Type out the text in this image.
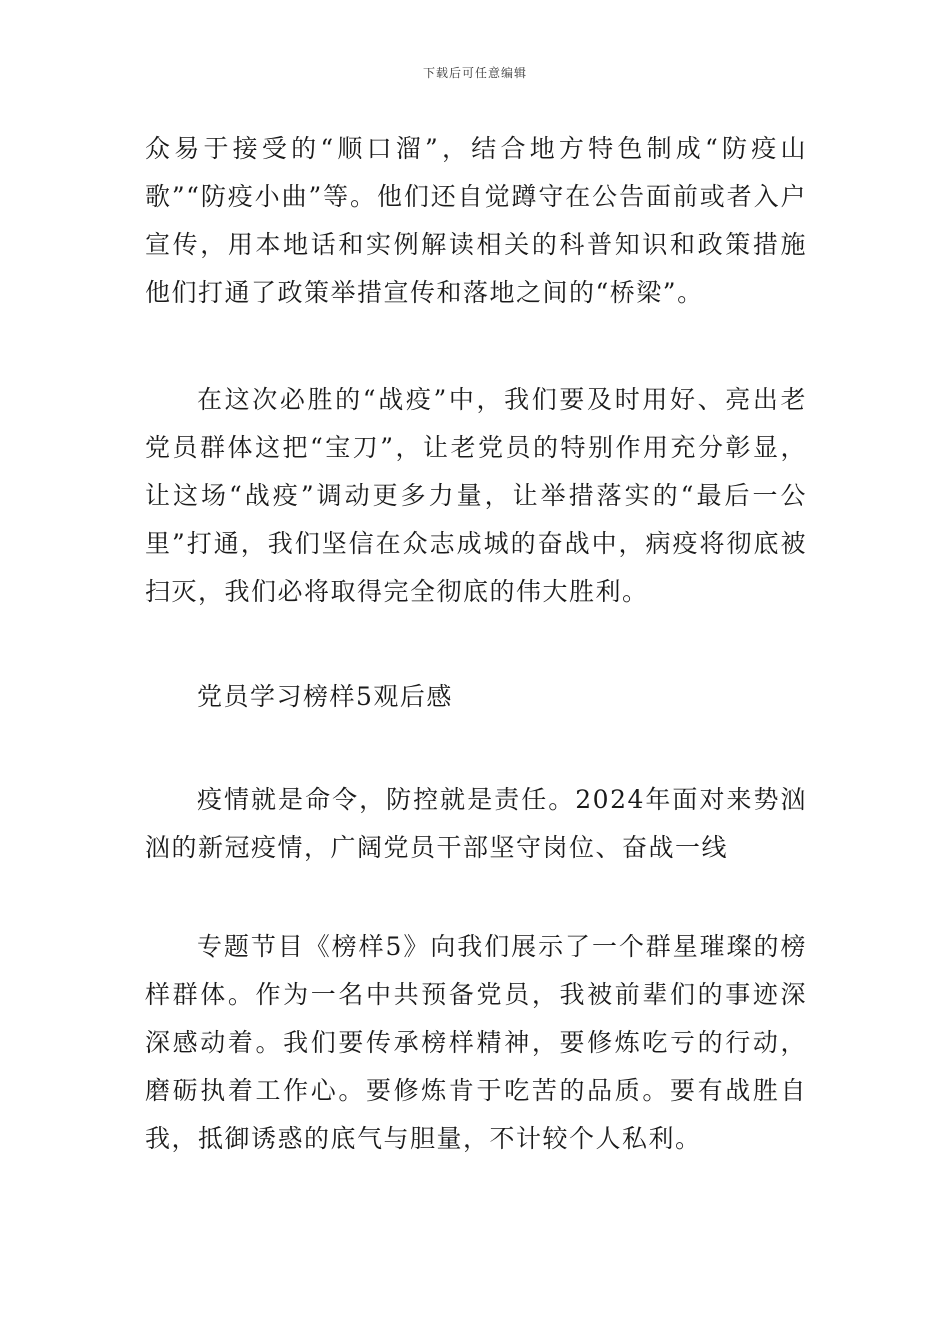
下载后可任意编辑

众易于接受的“顺口溜”，结合地方特色制成“防疫山歌”“防疫小曲”等。他们还自觉蹲守在公告面前或者入户宣传，用本地话和实例解读相关的科普知识和政策措施他们打通了政策举措宣传和落地之间的“桥梁”。

在这次必胜的“战疫”中，我们要及时用好、亮出老党员群体这把“宝刀”，让老党员的特别作用充分彰显，让这场“战疫”调动更多力量，让举措落实的“最后一公里”打通，我们坚信在众志成城的奋战中，病疫将彻底被扫灭，我们必将取得完全彻底的伟大胜利。

党员学习榜样5观后感

疫情就是命令，防控就是责任。2024年面对来势汹汹的新冠疫情，广阔党员干部坚守岗位、奋战一线

专题节目《榜样5》向我们展示了一个群星璀璨的榜样群体。作为一名中共预备党员，我被前辈们的事迹深深感动着。我们要传承榜样精神，要修炼吃亏的行动，磨砺执着工作心。要修炼肯于吃苦的品质。要有战胜自我，抵御诱惑的底气与胆量，不计较个人私利。
